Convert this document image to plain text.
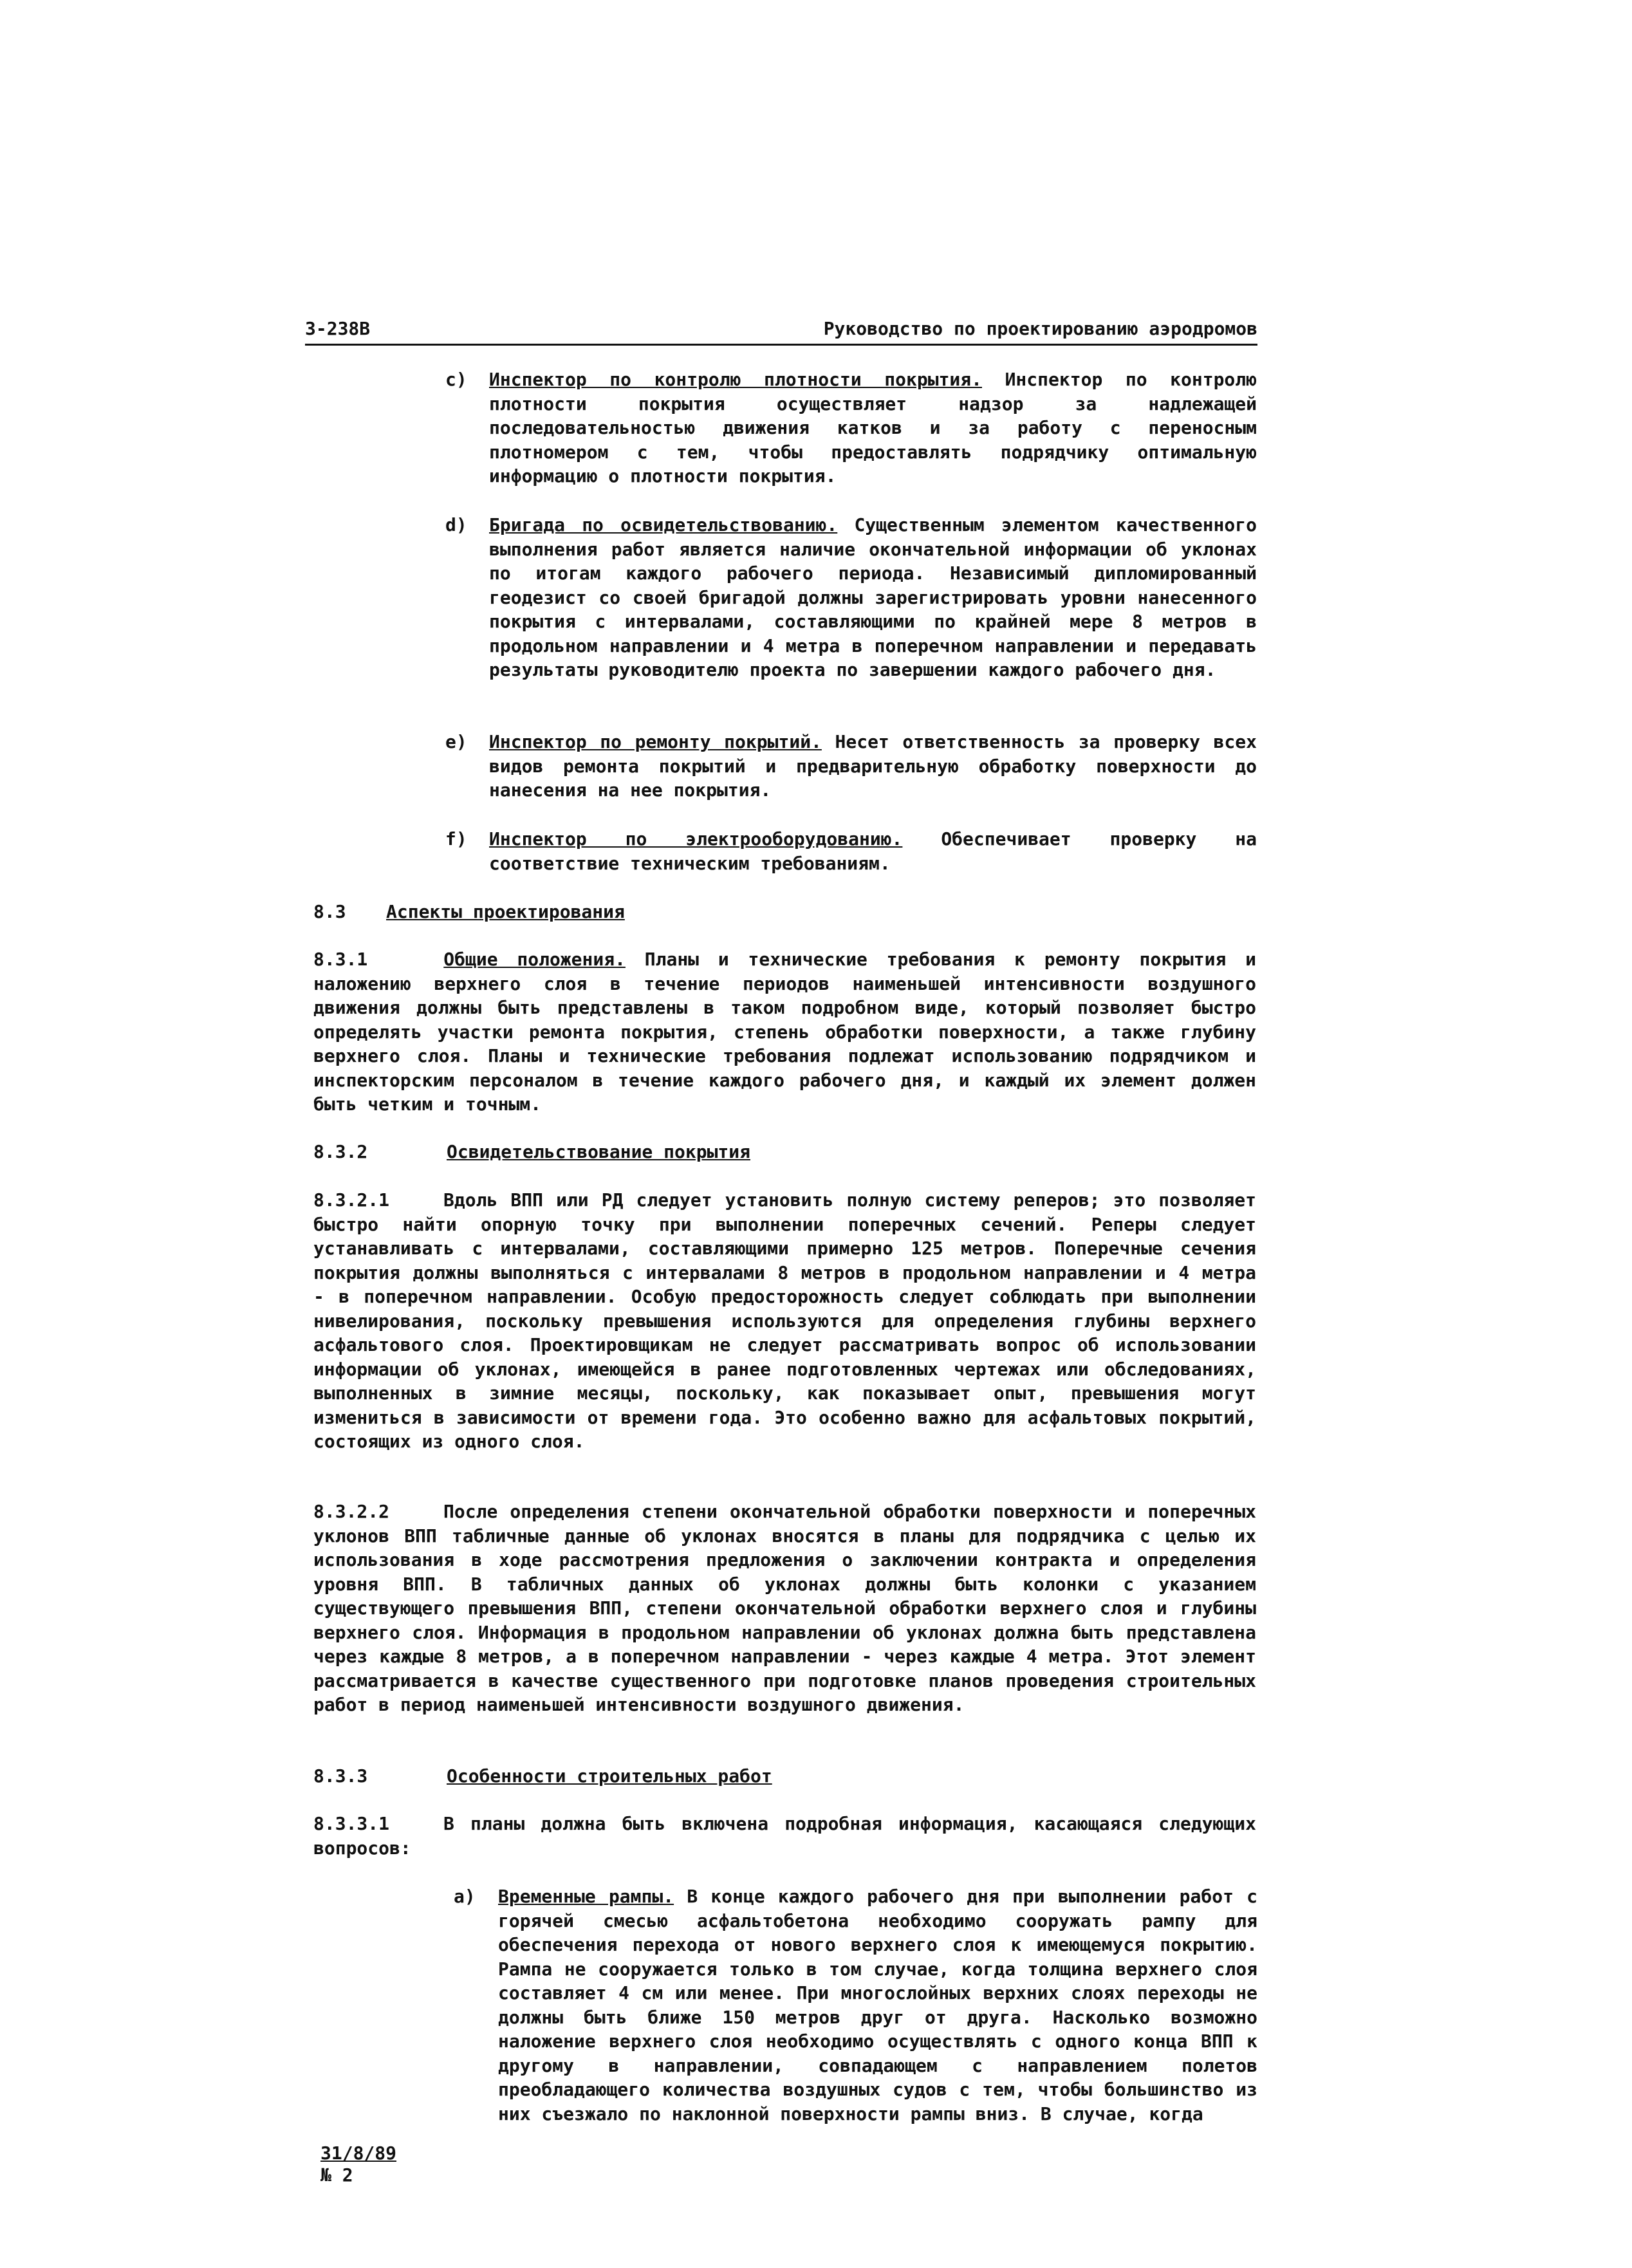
3-238В	Руководство по проектированию аэродромов
c) Инспектор по контролю плотности покрытия. Инспектор по контролю плотности покрытия осуществляет надзор за надлежащей последовательностью движения катков и за работу с переносным плотномером с тем, чтобы предоставлять подрядчику оптимальную информацию о плотности покрытия.

d) Бригада по освидетельствованию. Существенным элементом качественного выполнения работ является наличие окончательной информации об уклонах по итогам каждого рабочего периода. Независимый дипломированный геодезист со своей бригадой должны зарегистрировать уровни нанесенного покрытия с интервалами, составляющими по крайней мере 8 метров в продольном направлении и 4 метра в поперечном направлении и передавать результаты руководителю проекта по завершении каждого рабочего дня.

e) Инспектор по ремонту покрытий. Несет ответственность за проверку всех видов ремонта покрытий и предварительную обработку поверхности до нанесения на нее покрытия.

f) Инспектор по электрооборудованию. Обеспечивает проверку на соответствие техническим требованиям.

8.3 Аспекты проектирования

8.3.1	Общие положения. Планы и технические требования к ремонту покрытия и наложению верхнего слоя в течение периодов наименьшей интенсивности воздушного движения должны быть представлены в таком подробном виде, который позволяет быстро определять участки ремонта покрытия, степень обработки поверхности, а также глубину верхнего слоя. Планы и технические требования подлежат использованию подрядчиком и инспекторским персоналом в течение каждого рабочего дня, и каждый их элемент должен быть четким и точным.

8.3.2	Освидетельствование покрытия

8.3.2.1	Вдоль ВПП или РД следует установить полную систему реперов; это позволяет быстро найти опорную точку при выполнении поперечных сечений. Реперы следует устанавливать с интервалами, составляющими примерно 125 метров. Поперечные сечения покрытия должны выполняться с интервалами 8 метров в продольном направлении и 4 метра - в поперечном направлении. Особую предосторожность следует соблюдать при выполнении нивелирования, поскольку превышения используются для определения глубины верхнего асфальтового слоя. Проектировщикам не следует рассматривать вопрос об использовании информации об уклонах, имеющейся в ранее подготовленных чертежах или обследованиях, выполненных в зимние месяцы, поскольку, как показывает опыт, превышения могут измениться в зависимости от времени года. Это особенно важно для асфальтовых покрытий, состоящих из одного слоя.

8.3.2.2	После определения степени окончательной обработки поверхности и поперечных уклонов ВПП табличные данные об уклонах вносятся в планы для подрядчика с целью их использования в ходе рассмотрения предложения о заключении контракта и определения уровня ВПП. В табличных данных об уклонах должны быть колонки с указанием существующего превышения ВПП, степени окончательной обработки верхнего слоя и глубины верхнего слоя. Информация в продольном направлении об уклонах должна быть представлена через каждые 8 метров, а в поперечном направлении - через каждые 4 метра. Этот элемент рассматривается в качестве существенного при подготовке планов проведения строительных работ в период наименьшей интенсивности воздушного движения.

8.3.3	Особенности строительных работ

8.3.3.1	В планы должна быть включена подробная информация, касающаяся следующих вопросов:

a) Временные рампы. В конце каждого рабочего дня при выполнении работ с горячей смесью асфальтобетона необходимо сооружать рампу для обеспечения перехода от нового верхнего слоя к имеющемуся покрытию. Рампа не сооружается только в том случае, когда толщина верхнего слоя составляет 4 см или менее. При многослойных верхних слоях переходы не должны быть ближе 150 метров друг от друга. Насколько возможно наложение верхнего слоя необходимо осуществлять с одного конца ВПП к другому в направлении, совпадающем с направлением полетов преобладающего количества воздушных судов с тем, чтобы большинство из них съезжало по наклонной поверхности рампы вниз. В случае, когда

31/8/89
№ 2
